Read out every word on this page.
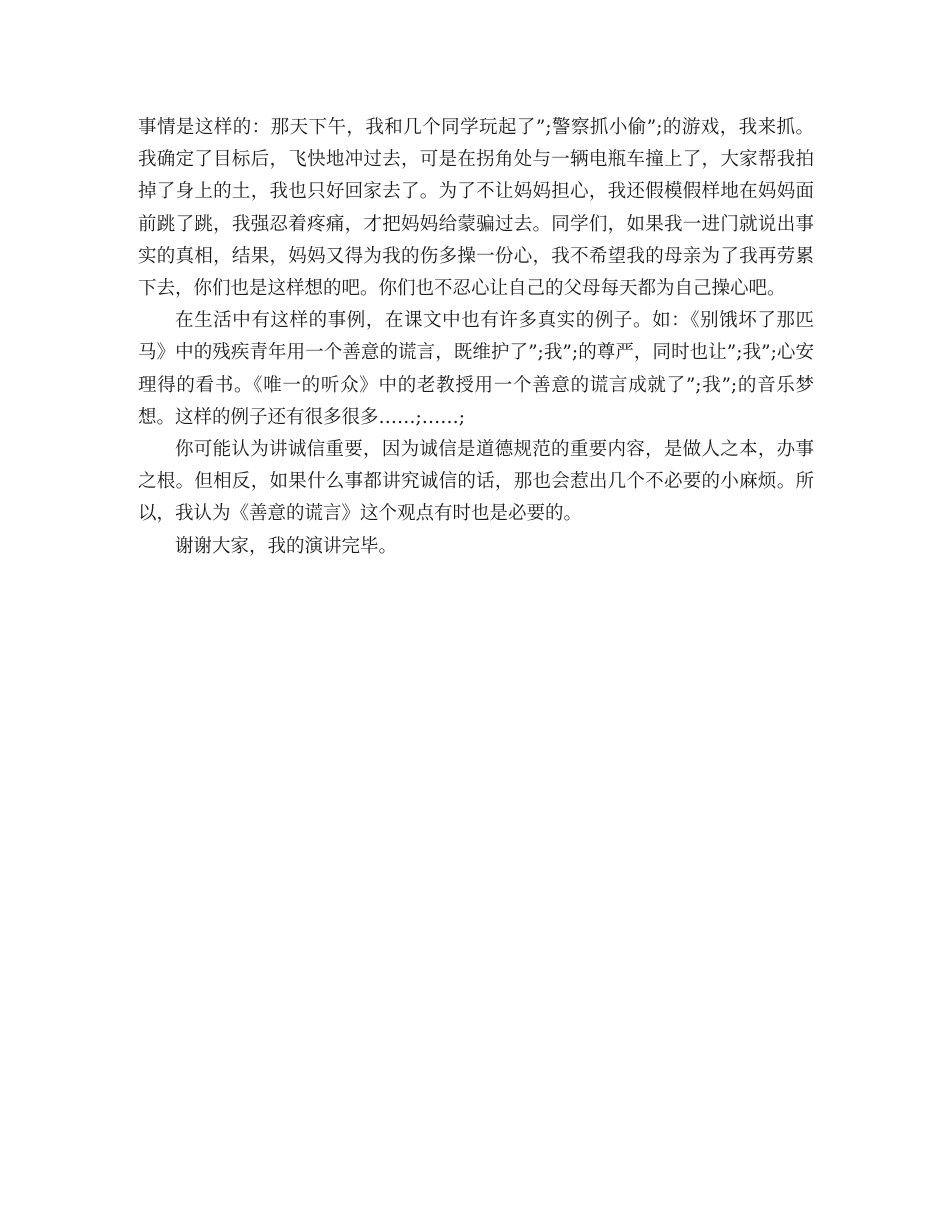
事情是这样的：那天下午，我和几个同学玩起了”;警察抓小偷”;的游戏，我来抓。我确定了目标后，飞快地冲过去，可是在拐角处与一辆电瓶车撞上了，大家帮我拍掉了身上的土，我也只好回家去了。为了不让妈妈担心，我还假模假样地在妈妈面前跳了跳，我强忍着疼痛，才把妈妈给蒙骗过去。同学们，如果我一进门就说出事实的真相，结果，妈妈又得为我的伤多操一份心，我不希望我的母亲为了我再劳累下去，你们也是这样想的吧。你们也不忍心让自己的父母每天都为自己操心吧。

在生活中有这样的事例，在课文中也有许多真实的例子。如：《别饿坏了那匹马》中的残疾青年用一个善意的谎言，既维护了”;我”;的尊严，同时也让”;我”;心安理得的看书。《唯一的听众》中的老教授用一个善意的谎言成就了”;我”;的音乐梦想。这样的例子还有很多很多……;……;

你可能认为讲诚信重要，因为诚信是道德规范的重要内容，是做人之本，办事之根。但相反，如果什么事都讲究诚信的话，那也会惹出几个不必要的小麻烦。所以，我认为《善意的谎言》这个观点有时也是必要的。

谢谢大家，我的演讲完毕。
